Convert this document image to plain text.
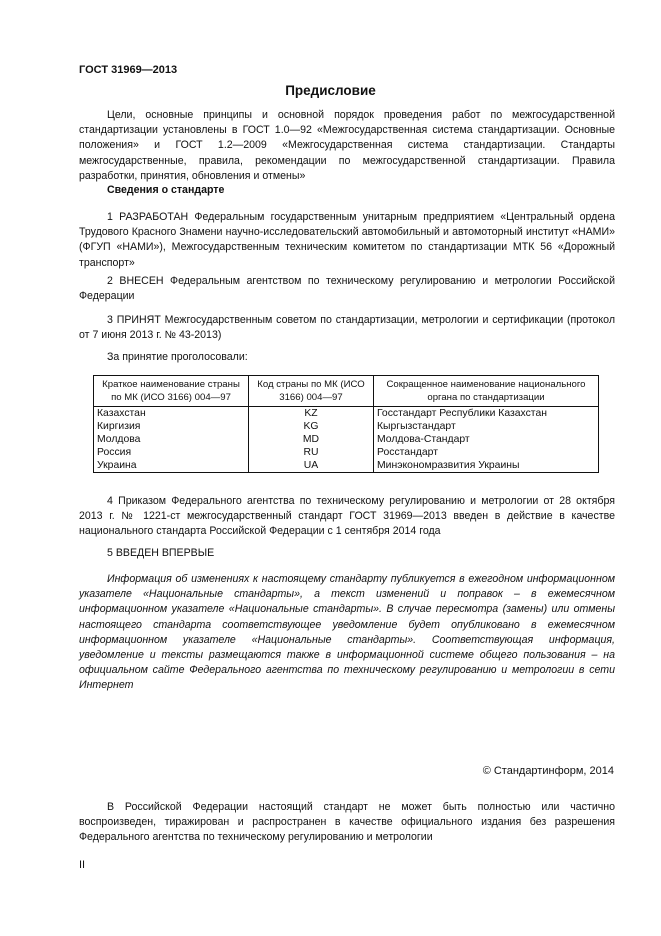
ГОСТ 31969—2013
Предисловие

Цели, основные принципы и основной порядок проведения работ по межгосударственной стандартизации установлены в ГОСТ 1.0—92 «Межгосударственная система стандартизации. Основные положения» и ГОСТ 1.2—2009 «Межгосударственная система стандартизации. Стандарты межгосударственные, правила, рекомендации по межгосударственной стандартизации. Правила разработки, принятия, обновления и отмены»

Сведения о стандарте

1 РАЗРАБОТАН Федеральным государственным унитарным предприятием «Центральный ордена Трудового Красного Знамени научно-исследовательский автомобильный и автомоторный институт «НАМИ» (ФГУП «НАМИ»), Межгосударственным техническим комитетом по стандартизации МТК 56 «Дорожный транспорт»

2 ВНЕСЕН Федеральным агентством по техническому регулированию и метрологии Российской Федерации

3 ПРИНЯТ Межгосударственным советом по стандартизации, метрологии и сертификации (протокол от 7 июня 2013 г. № 43-2013)

За принятие проголосовали:
Краткое наименование страны по МК (ИСО 3166) 004—97	Код страны по МК (ИСО 3166) 004—97	Сокращенное наименование национального органа по стандартизации
Казахстан	KZ	Госстандарт Республики Казахстан
Киргизия	KG	Кыргызстандарт
Молдова	MD	Молдова-Стандарт
Россия	RU	Росстандарт
Украина	UA	Минэкономразвития Украины

4 Приказом Федерального агентства по техническому регулированию и метрологии от 28 октября 2013 г. № 1221-ст межгосударственный стандарт ГОСТ 31969—2013 введен в действие в качестве национального стандарта Российской Федерации с 1 сентября 2014 года

5 ВВЕДЕН ВПЕРВЫЕ

Информация об изменениях к настоящему стандарту публикуется в ежегодном информационном указателе «Национальные стандарты», а текст изменений и поправок – в ежемесячном информационном указателе «Национальные стандарты». В случае пересмотра (замены) или отмены настоящего стандарта соответствующее уведомление будет опубликовано в ежемесячном информационном указателе «Национальные стандарты». Соответствующая информация, уведомление и тексты размещаются также в информационной системе общего пользования – на официальном сайте Федерального агентства по техническому регулированию и метрологии в сети Интернет

© Стандартинформ, 2014

В Российской Федерации настоящий стандарт не может быть полностью или частично воспроизведен, тиражирован и распространен в качестве официального издания без разрешения Федерального агентства по техническому регулированию и метрологии

II
